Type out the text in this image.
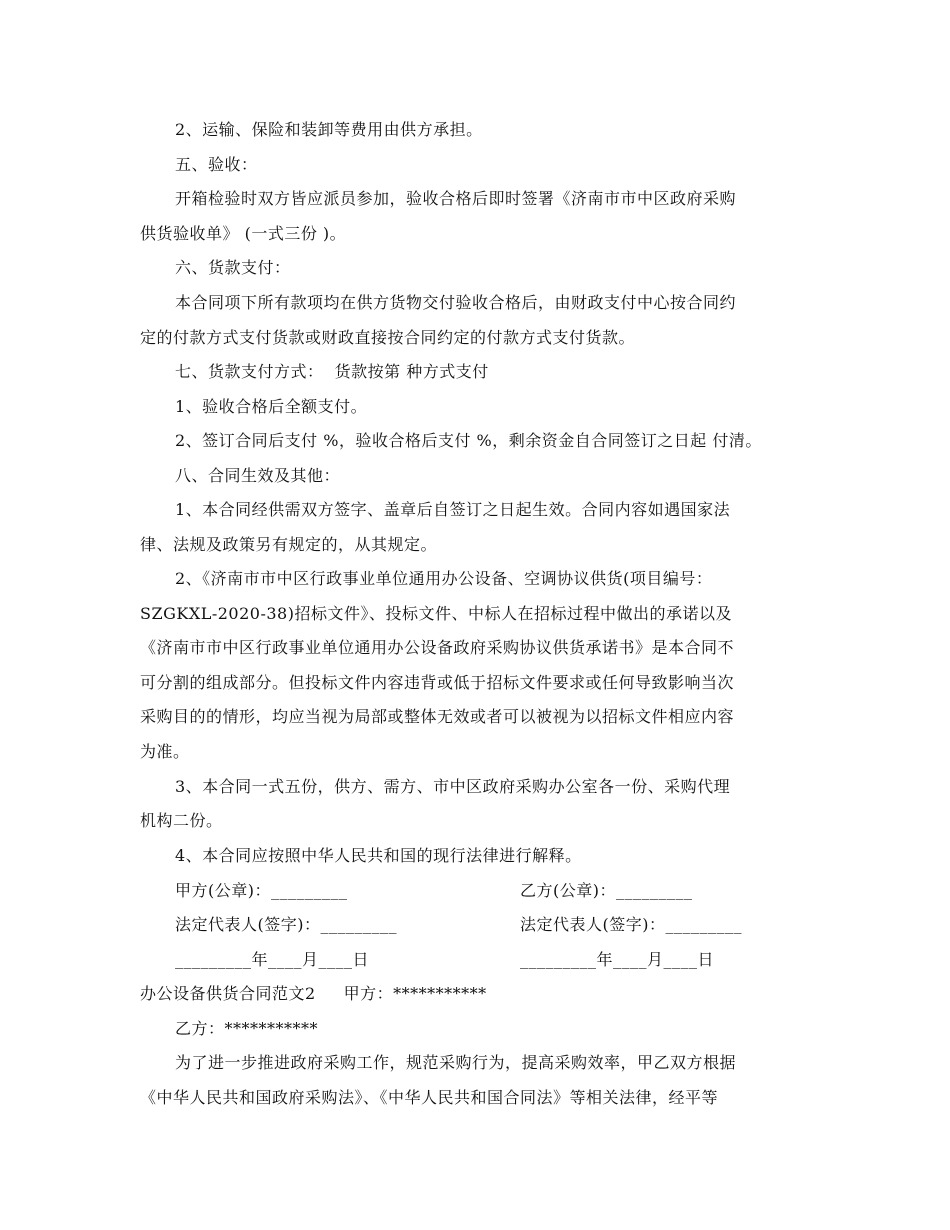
2、运输、保险和装卸等费用由供方承担。
五、验收：
开箱检验时双方皆应派员参加，验收合格后即时签署《济南市市中区政府采购
供货验收单》 (一式三份 )。
六、货款支付：
本合同项下所有款项均在供方货物交付验收合格后，由财政支付中心按合同约
定的付款方式支付货款或财政直接按合同约定的付款方式支付货款。
七、货款支付方式：  货款按第 种方式支付
1、验收合格后全额支付。
2、签订合同后支付 %，验收合格后支付 %，剩余资金自合同签订之日起 付清。
八、合同生效及其他：
1、本合同经供需双方签字、盖章后自签订之日起生效。合同内容如遇国家法
律、法规及政策另有规定的，从其规定。
2、《济南市市中区行政事业单位通用办公设备、空调协议供货(项目编号：
SZGKXL-2020-38)招标文件》、投标文件、中标人在招标过程中做出的承诺以及
《济南市市中区行政事业单位通用办公设备政府采购协议供货承诺书》是本合同不
可分割的组成部分。但投标文件内容违背或低于招标文件要求或任何导致影响当次
采购目的的情形，均应当视为局部或整体无效或者可以被视为以招标文件相应内容
为准。
3、本合同一式五份，供方、需方、市中区政府采购办公室各一份、采购代理
机构二份。
4、本合同应按照中华人民共和国的现行法律进行解释。
甲方(公章)：_________	乙方(公章)：_________
法定代表人(签字)：_________	法定代表人(签字)：_________
_________年____月____日	_________年____月____日
办公设备供货合同范文2     甲方：***********
乙方：***********
为了进一步推进政府采购工作，规范采购行为，提高采购效率，甲乙双方根据
《中华人民共和国政府采购法》、《中华人民共和国合同法》等相关法律，经平等
